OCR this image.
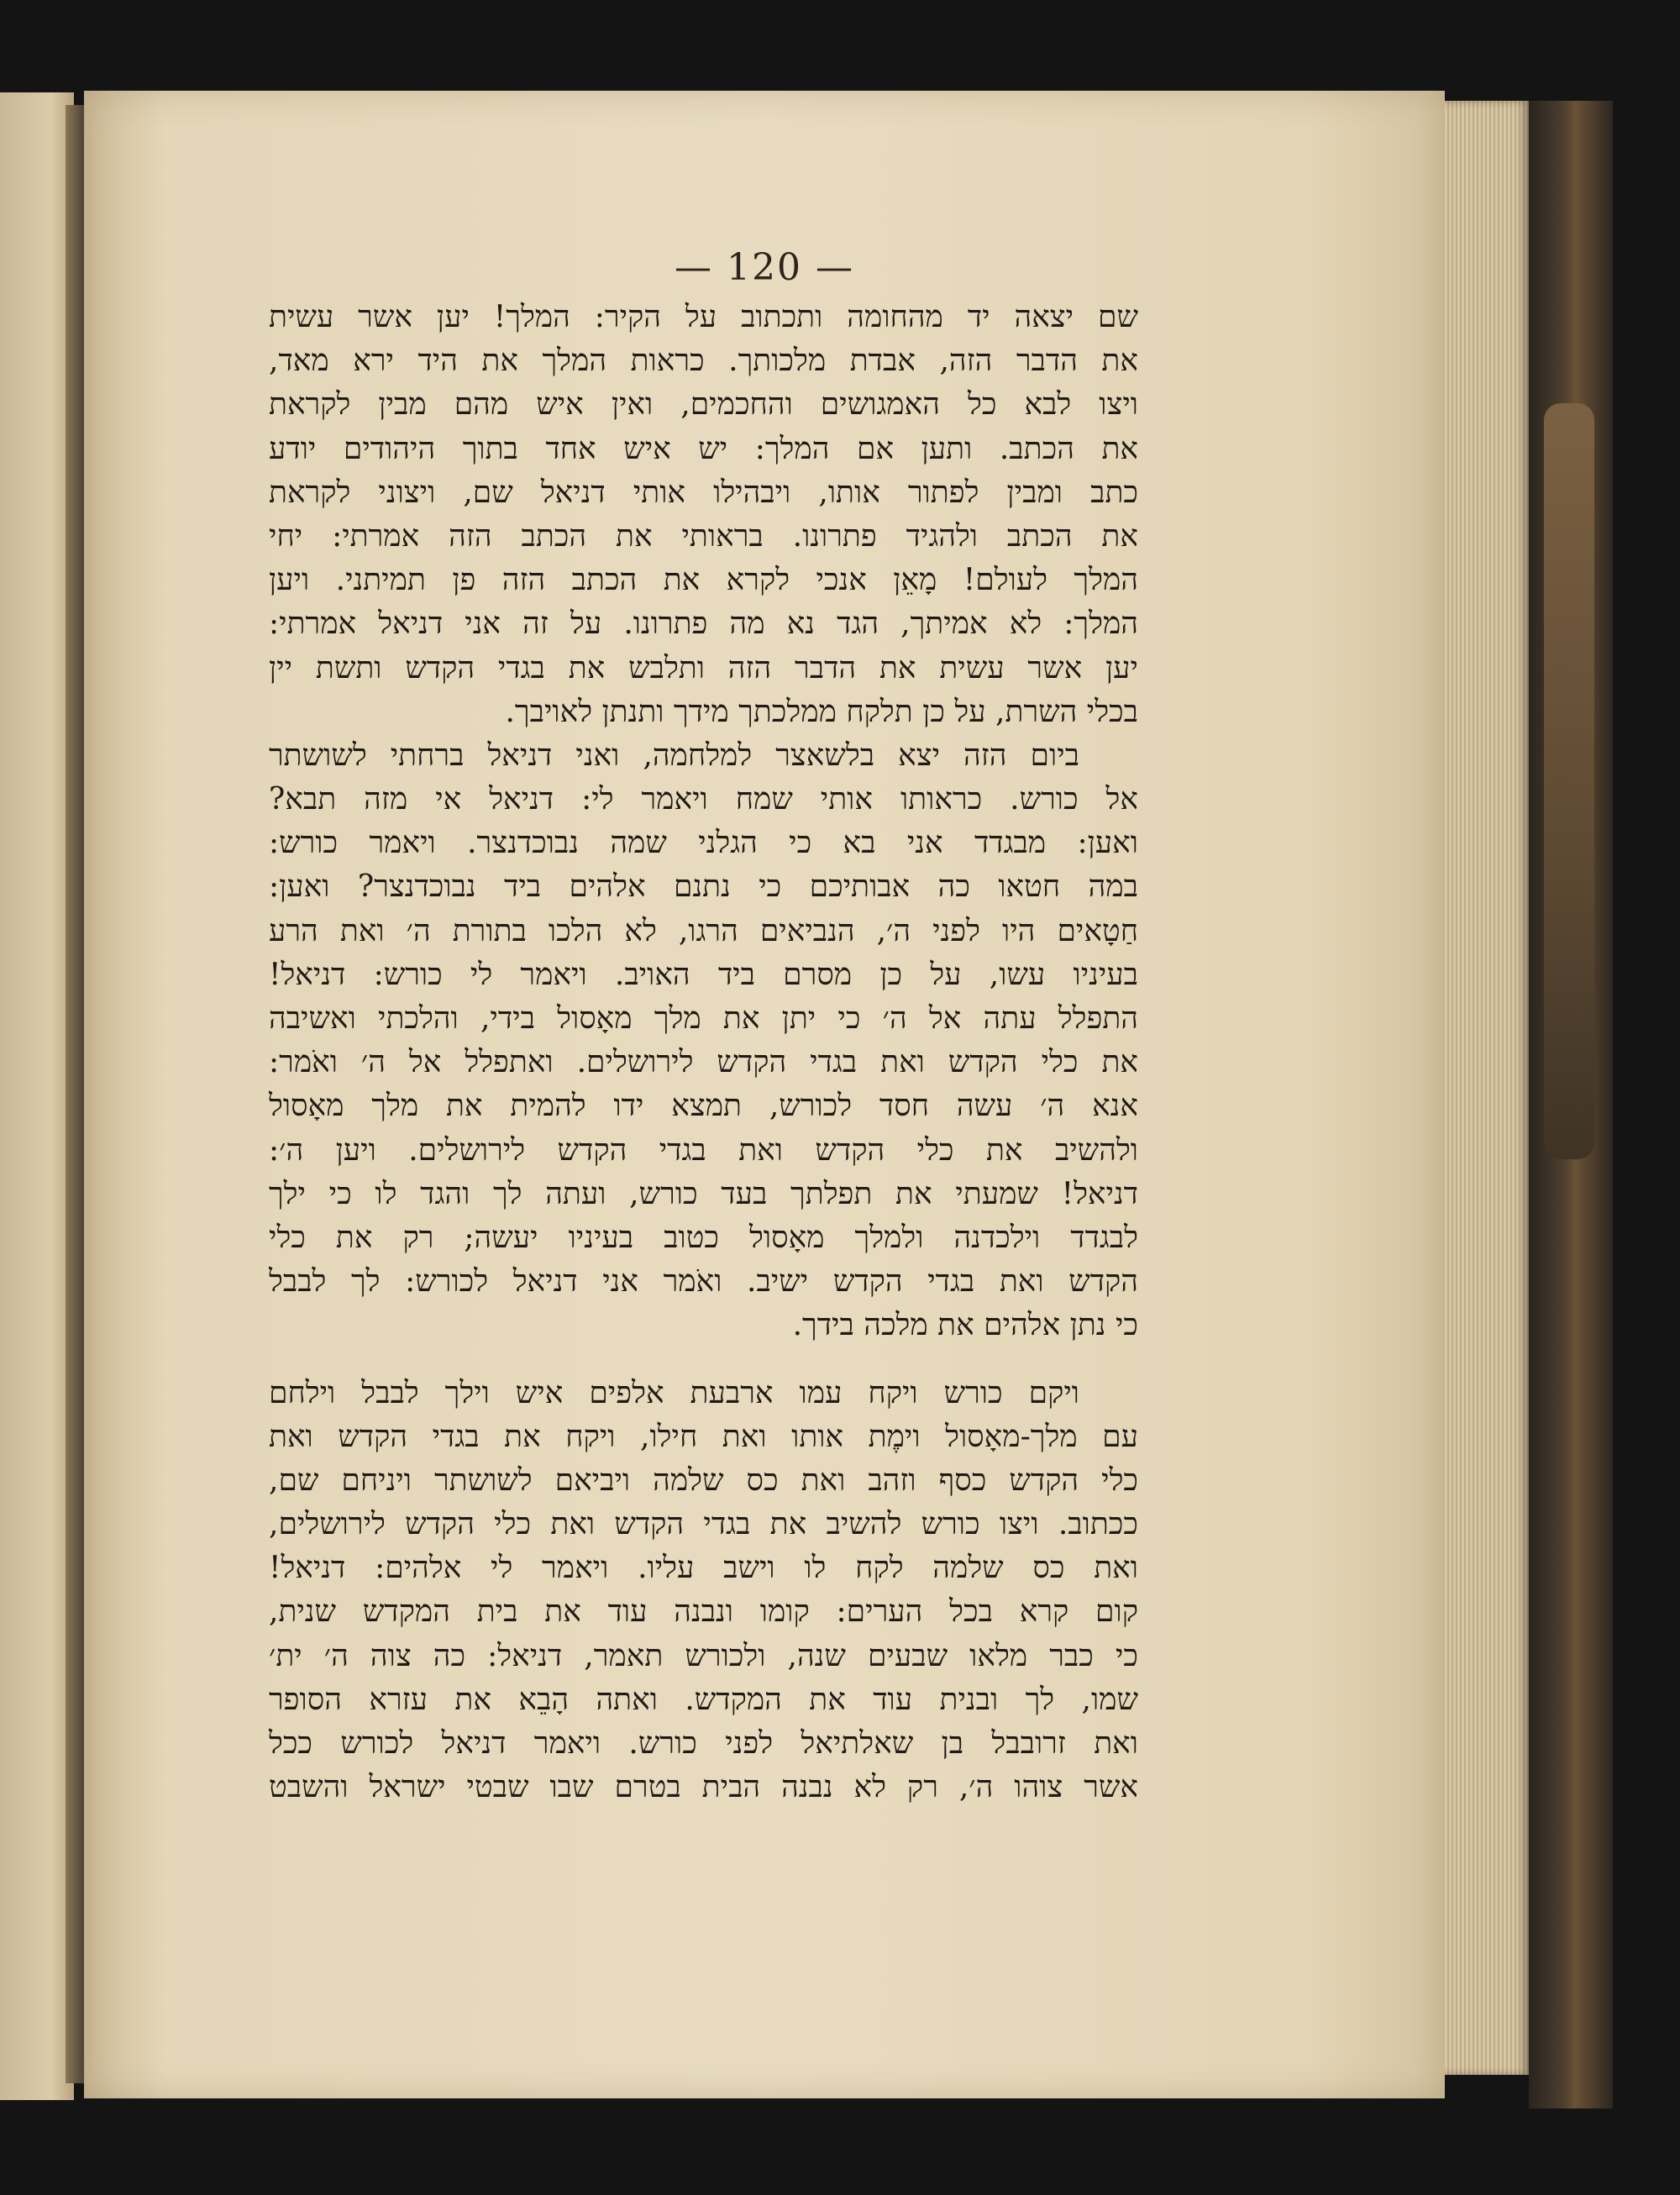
— 120 —
שם יצאה יד מהחומה ותכתוב על הקיר: המלך! יען אשר עשית
את הדבר הזה, אבדת מלכותך. כראות המלך את היד ירא מאד,
ויצו לבא כל האמגושים והחכמים, ואין איש מהם מבין לקראת
את הכתב. ותען אם המלך: יש איש אחד בתוך היהודים יודע
כתב ומבין לפתור אותו, ויבהילו אותי דניאל שם, ויצוני לקראת
את הכתב ולהגיד פתרונו. בראותי את הכתב הזה אמרתי: יחי
המלך לעולם! מָאֵן אנכי לקרא את הכתב הזה פן תמיתני. ויען
המלך: לא אמיתך, הגד נא מה פתרונו. על זה אני דניאל אמרתי:
יען אשר עשית את הדבר הזה ותלבש את בגדי הקדש ותשת יין
בכלי השרת, על כן תלקח ממלכתך מידך ותנתן לאויבך.
ביום הזה יצא בלשאצר למלחמה, ואני דניאל ברחתי לשושתר
אל כורש. כראותו אותי שמח ויאמר לי: דניאל אי מזה תבא?
ואען: מבגדד אני בא כי הגלני שמה נבוכדנצר. ויאמר כורש:
במה חטאו כה אבותיכם כי נתנם אלהים ביד נבוכדנצר? ואען:
חַטָאים היו לפני ה׳, הנביאים הרגו, לא הלכו בתורת ה׳ ואת הרע
בעיניו עשו, על כן מסרם ביד האויב. ויאמר לי כורש: דניאל!
התפלל עתה אל ה׳ כי יתן את מלך מאָסול בידי, והלכתי ואשיבה
את כלי הקדש ואת בגדי הקדש לירושלים. ואתפלל אל ה׳ ואֹמר:
אנא ה׳ עשה חסד לכורש, תמצא ידו להמית את מלך מאָסול
ולהשיב את כלי הקדש ואת בגדי הקדש לירושלים. ויען ה׳:
דניאל! שמעתי את תפלתך בעד כורש, ועתה לך והגד לו כי ילך
לבגדד וילכדנה ולמלך מאָסול כטוב בעיניו יעשה; רק את כלי
הקדש ואת בגדי הקדש ישיב. ואֹמר אני דניאל לכורש: לך לבבל
כי נתן אלהים את מלכה בידך.
ויקם כורש ויקח עמו ארבעת אלפים איש וילך לבבל וילחם
עם מלך-מאָסול וימֶת אותו ואת חילו, ויקח את בגדי הקדש ואת
כלי הקדש כסף וזהב ואת כס שלמה ויביאם לשושתר ויניחם שם,
ככתוב. ויצו כורש להשיב את בגדי הקדש ואת כלי הקדש לירושלים,
ואת כס שלמה לקח לו וישב עליו. ויאמר לי אלהים: דניאל!
קום קרא בכל הערים: קומו ונבנה עוד את בית המקדש שנית,
כי כבר מלאו שבעים שנה, ולכורש תאמר, דניאל: כה צוה ה׳ ית׳
שמו, לך ובנית עוד את המקדש. ואתה הָבֵא את עזרא הסופר
ואת זרובבל בן שאלתיאל לפני כורש. ויאמר דניאל לכורש ככל
אשר צוהו ה׳, רק לא נבנה הבית בטרם שבו שבטי ישראל והשבט
